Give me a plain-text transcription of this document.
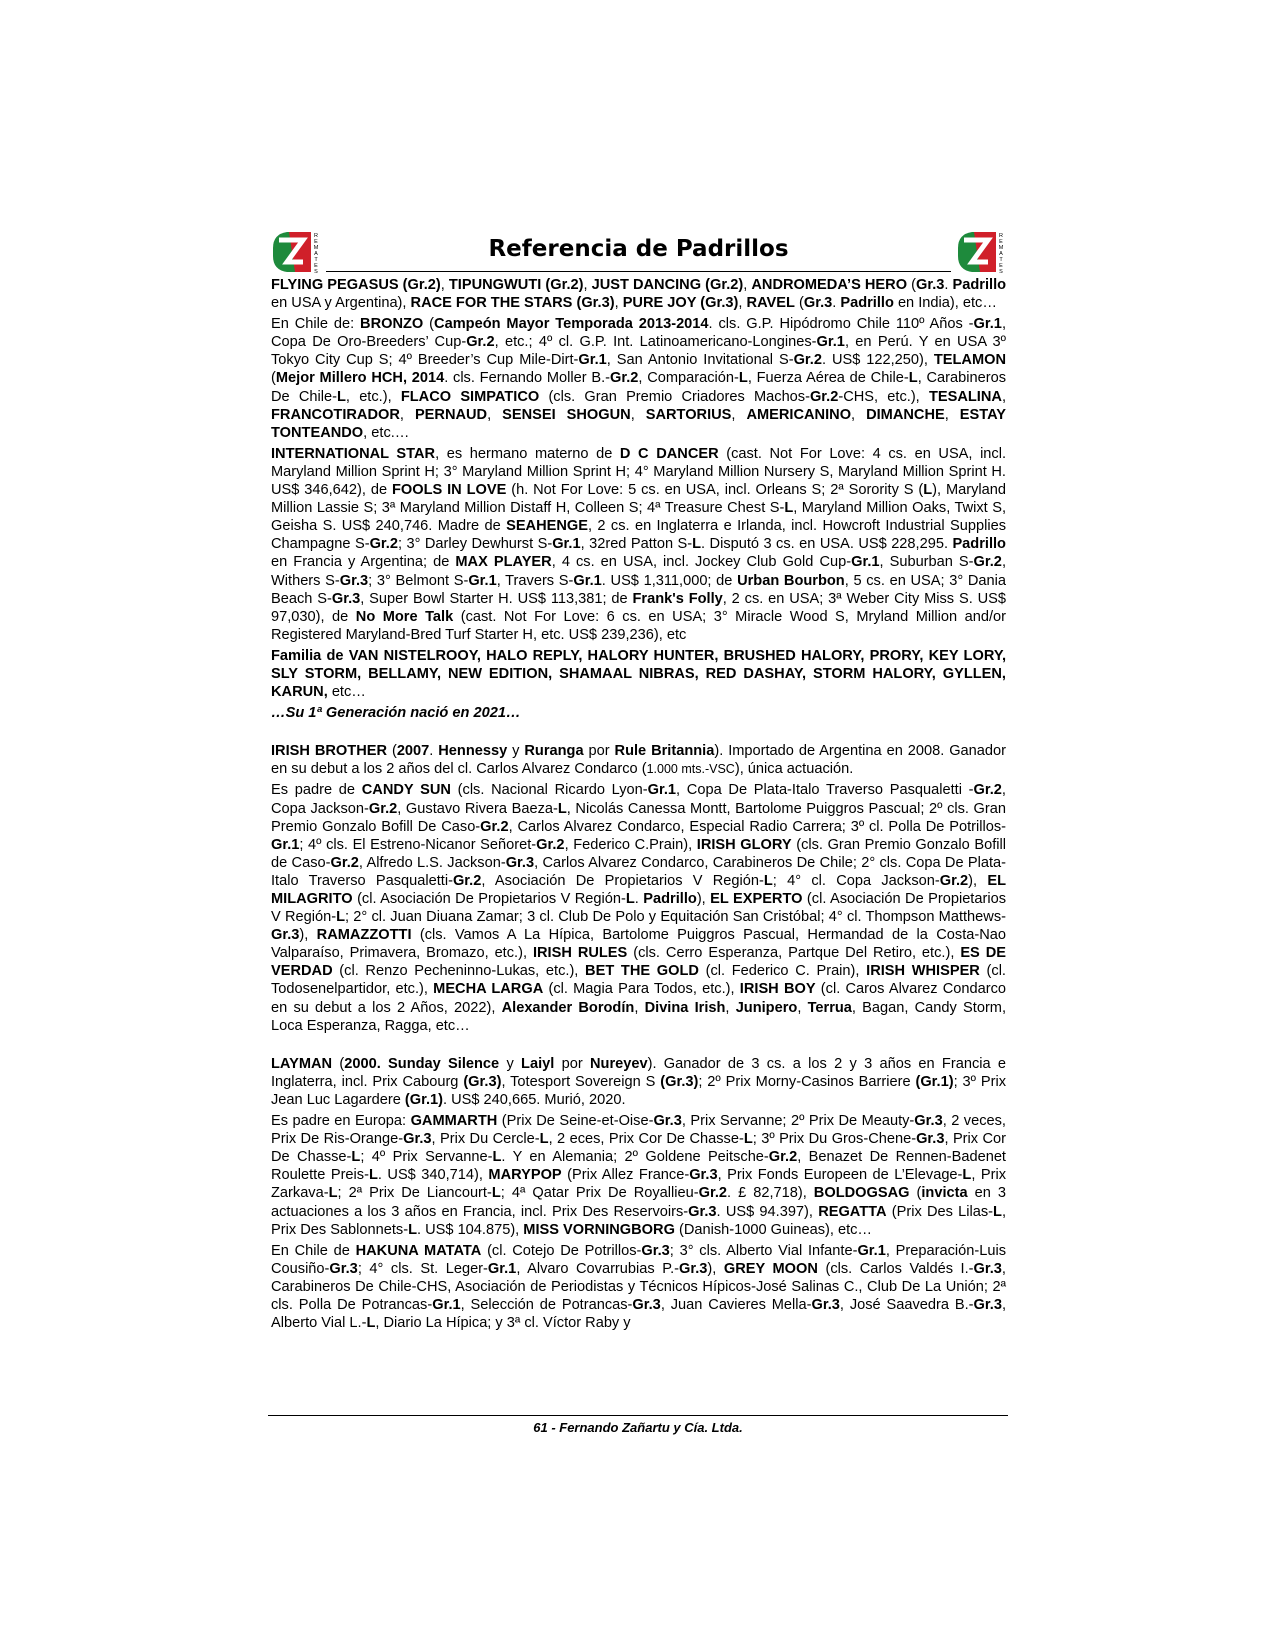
R
E
M
A
T
E
S
Referencia de Padrillos	R
E
M
A
T
E
S

FLYING PEGASUS (Gr.2), TIPUNGWUTI (Gr.2), JUST DANCING (Gr.2), ANDROMEDA’S HERO (Gr.3. Padrillo en USA y Argentina), RACE FOR THE STARS (Gr.3), PURE JOY (Gr.3), RAVEL (Gr.3. Padrillo en India), etc…

En Chile de: BRONZO (Campeón Mayor Temporada 2013-2014. cls. G.P. Hipódromo Chile 110º Años -Gr.1, Copa De Oro-Breeders’ Cup-Gr.2, etc.; 4º cl. G.P. Int. Latinoamericano-Longines-Gr.1, en Perú. Y en USA 3º Tokyo City Cup S; 4º Breeder’s Cup Mile-Dirt-Gr.1, San Antonio Invitational S-Gr.2. US$ 122,250), TELAMON (Mejor Millero HCH, 2014. cls. Fernando Moller B.-Gr.2, Comparación-L, Fuerza Aérea de Chile-L, Carabineros De Chile-L, etc.), FLACO SIMPATICO (cls. Gran Premio Criadores Machos-Gr.2-CHS, etc.), TESALINA, FRANCOTIRADOR, PERNAUD, SENSEI SHOGUN, SARTORIUS, AMERICANINO, DIMANCHE, ESTAY TONTEANDO, etc.…

INTERNATIONAL STAR, es hermano materno de D C DANCER (cast. Not For Love: 4 cs. en USA, incl. Maryland Million Sprint H; 3° Maryland Million Sprint H; 4° Maryland Million Nursery S, Maryland Million Sprint H. US$ 346,642), de FOOLS IN LOVE (h. Not For Love: 5 cs. en USA, incl. Orleans S; 2ª Sorority S (L), Maryland Million Lassie S; 3ª Maryland Million Distaff H, Colleen S; 4ª Treasure Chest S-L, Maryland Million Oaks, Twixt S, Geisha S. US$ 240,746. Madre de SEAHENGE, 2 cs. en Inglaterra e Irlanda, incl. Howcroft Industrial Supplies Champagne S-Gr.2; 3° Darley Dewhurst S-Gr.1, 32red Patton S-L. Disputó 3 cs. en USA. US$ 228,295. Padrillo en Francia y Argentina; de MAX PLAYER, 4 cs. en USA, incl. Jockey Club Gold Cup-Gr.1, Suburban S-Gr.2, Withers S-Gr.3; 3° Belmont S-Gr.1, Travers S-Gr.1. US$ 1,311,000; de Urban Bourbon, 5 cs. en USA; 3° Dania Beach S-Gr.3, Super Bowl Starter H. US$ 113,381; de Frank's Folly, 2 cs. en USA; 3ª Weber City Miss S. US$ 97,030), de No More Talk (cast. Not For Love: 6 cs. en USA; 3° Miracle Wood S, Mryland Million and/or Registered Maryland-Bred Turf Starter H, etc. US$ 239,236), etc

Familia de VAN NISTELROOY, HALO REPLY, HALORY HUNTER, BRUSHED HALORY, PRORY, KEY LORY, SLY STORM, BELLAMY, NEW EDITION, SHAMAAL NIBRAS, RED DASHAY, STORM HALORY, GYLLEN, KARUN, etc…

…Su 1ª Generación nació en 2021…

IRISH BROTHER (2007. Hennessy y Ruranga por Rule Britannia). Importado de Argentina en 2008. Ganador en su debut a los 2 años del cl. Carlos Alvarez Condarco (1.000 mts.-VSC), única actuación.

Es padre de CANDY SUN (cls. Nacional Ricardo Lyon-Gr.1, Copa De Plata-Italo Traverso Pasqualetti -Gr.2, Copa Jackson-Gr.2, Gustavo Rivera Baeza-L, Nicolás Canessa Montt, Bartolome Puiggros Pascual; 2º cls. Gran Premio Gonzalo Bofill De Caso-Gr.2, Carlos Alvarez Condarco, Especial Radio Carrera; 3º cl. Polla De Potrillos-Gr.1; 4º cls. El Estreno-Nicanor Señoret-Gr.2, Federico C.Prain), IRISH GLORY (cls. Gran Premio Gonzalo Bofill de Caso-Gr.2, Alfredo L.S. Jackson-Gr.3, Carlos Alvarez Condarco, Carabineros De Chile; 2° cls. Copa De Plata-Italo Traverso Pasqualetti-Gr.2, Asociación De Propietarios V Región-L; 4° cl. Copa Jackson-Gr.2), EL MILAGRITO (cl. Asociación De Propietarios V Región-L. Padrillo), EL EXPERTO (cl. Asociación De Propietarios V Región-L; 2° cl. Juan Diuana Zamar; 3 cl. Club De Polo y Equitación San Cristóbal; 4° cl. Thompson Matthews-Gr.3), RAMAZZOTTI (cls. Vamos A La Hípica, Bartolome Puiggros Pascual, Hermandad de la Costa-Nao Valparaíso, Primavera, Bromazo, etc.), IRISH RULES (cls. Cerro Esperanza, Partque Del Retiro, etc.), ES DE VERDAD (cl. Renzo Pecheninno-Lukas, etc.), BET THE GOLD (cl. Federico C. Prain), IRISH WHISPER (cl. Todosenelpartidor, etc.), MECHA LARGA (cl. Magia Para Todos, etc.), IRISH BOY (cl. Caros Alvarez Condarco en su debut a los 2 Años, 2022), Alexander Borodín, Divina Irish, Junipero, Terrua, Bagan, Candy Storm, Loca Esperanza, Ragga, etc…

LAYMAN (2000. Sunday Silence y Laiyl por Nureyev). Ganador de 3 cs. a los 2 y 3 años en Francia e Inglaterra, incl. Prix Cabourg (Gr.3), Totesport Sovereign S (Gr.3); 2º Prix Morny-Casinos Barriere (Gr.1); 3º Prix Jean Luc Lagardere (Gr.1). US$ 240,665. Murió, 2020.

Es padre en Europa: GAMMARTH (Prix De Seine-et-Oise-Gr.3, Prix Servanne; 2º Prix De Meauty-Gr.3, 2 veces, Prix De Ris-Orange-Gr.3, Prix Du Cercle-L, 2 eces, Prix Cor De Chasse-L; 3º Prix Du Gros-Chene-Gr.3, Prix Cor De Chasse-L; 4º Prix Servanne-L. Y en Alemania; 2º Goldene Peitsche-Gr.2, Benazet De Rennen-Badenet Roulette Preis-L. US$ 340,714), MARYPOP (Prix Allez France-Gr.3, Prix Fonds Europeen de L’Elevage-L, Prix Zarkava-L; 2ª Prix De Liancourt-L; 4ª Qatar Prix De Royallieu-Gr.2. £ 82,718), BOLDOGSAG (invicta en 3 actuaciones a los 3 años en Francia, incl. Prix Des Reservoirs-Gr.3. US$ 94.397), REGATTA (Prix Des Lilas-L, Prix Des Sablonnets-L. US$ 104.875), MISS VORNINGBORG (Danish-1000 Guineas), etc…

En Chile de HAKUNA MATATA (cl. Cotejo De Potrillos-Gr.3; 3° cls. Alberto Vial Infante-Gr.1, Preparación-Luis Cousiño-Gr.3; 4° cls. St. Leger-Gr.1, Alvaro Covarrubias P.-Gr.3), GREY MOON (cls. Carlos Valdés I.-Gr.3, Carabineros De Chile-CHS, Asociación de Periodistas y Técnicos Hípicos-José Salinas C., Club De La Unión; 2ª cls. Polla De Potrancas-Gr.1, Selección de Potrancas-Gr.3, Juan Cavieres Mella-Gr.3, José Saavedra B.-Gr.3, Alberto Vial L.-L, Diario La Hípica; y 3ª cl. Víctor Raby y

61 - Fernando Zañartu y Cía. Ltda.
